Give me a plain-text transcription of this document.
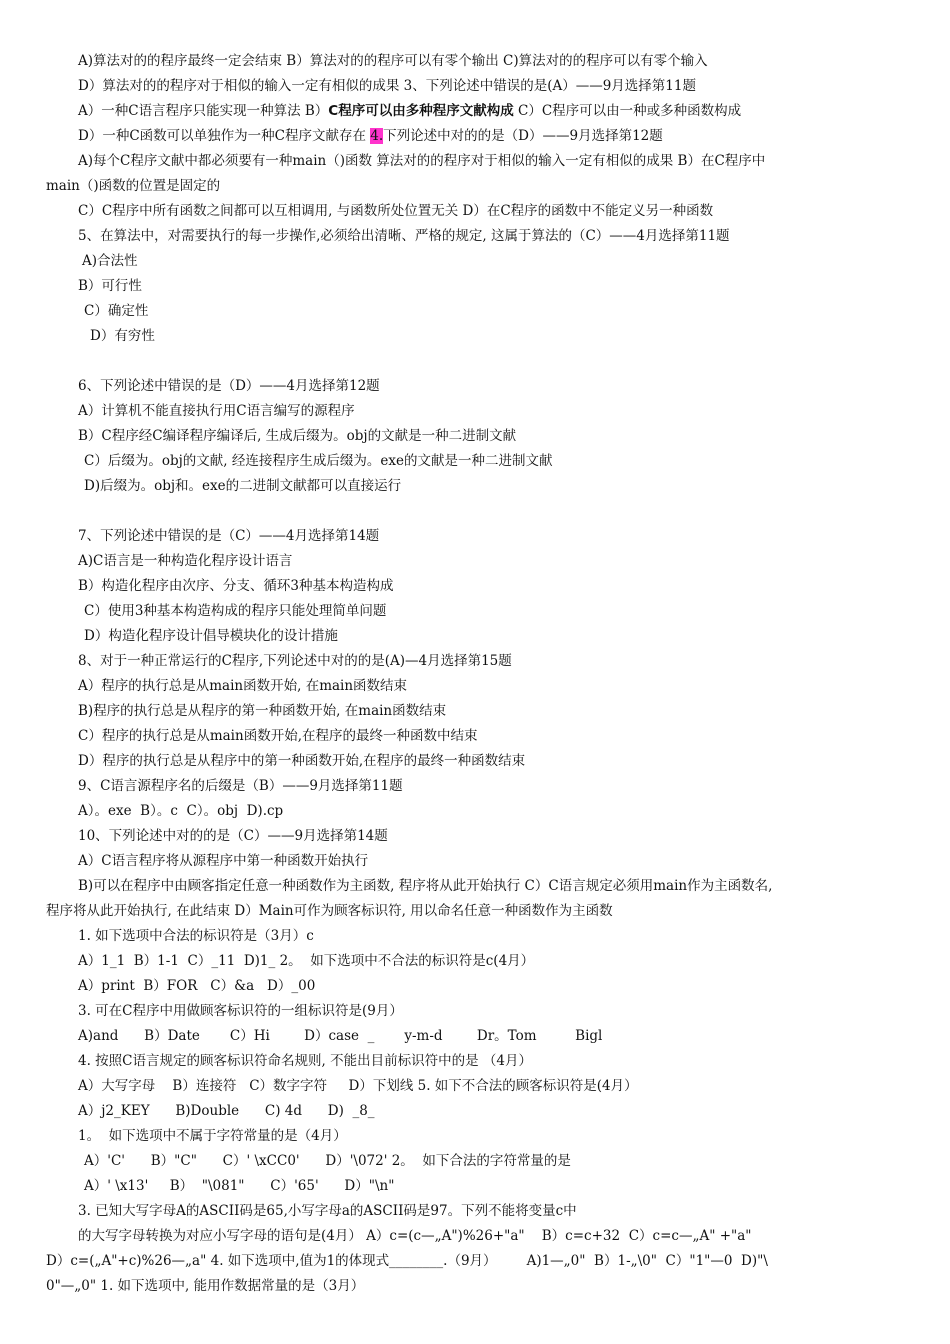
A)算法对的的程序最终一定会结束 B）算法对的的程序可以有零个输出 C)算法对的的程序可以有零个输入
D）算法对的的程序对于相似的输入一定有相似的成果 3、下列论述中错误的是(A）——9月选择第11题
A）一种C语言程序只能实现一种算法 B）C程序可以由多种程序文献构成 C）C程序可以由一种或多种函数构成
D）一种C函数可以单独作为一种C程序文献存在 4.下列论述中对的的是（D）——9月选择第12题
A)每个C程序文献中都必须要有一种main（)函数 算法对的的程序对于相似的输入一定有相似的成果 B）在C程序中
main（)函数的位置是固定的
C）C程序中所有函数之间都可以互相调用, 与函数所处位置无关 D）在C程序的函数中不能定义另一种函数
5、在算法中，对需要执行的每一步操作,必须给出清晰、严格的规定, 这属于算法的（C）——4月选择第11题
A)合法性
B）可行性
C）确定性
D）有穷性
6、下列论述中错误的是（D）——4月选择第12题
A）计算机不能直接执行用C语言编写的源程序
B）C程序经C编译程序编译后, 生成后缀为。obj的文献是一种二进制文献
C）后缀为。obj的文献, 经连接程序生成后缀为。exe的文献是一种二进制文献
D)后缀为。obj和。exe的二进制文献都可以直接运行
7、下列论述中错误的是（C）——4月选择第14题
A)C语言是一种构造化程序设计语言
B）构造化程序由次序、分支、循环3种基本构造构成
C）使用3种基本构造构成的程序只能处理简单问题
D）构造化程序设计倡导模块化的设计措施
8、对于一种正常运行的C程序,下列论述中对的的是(A)—4月选择第15题
A）程序的执行总是从main函数开始, 在main函数结束
B)程序的执行总是从程序的第一种函数开始, 在main函数结束
C）程序的执行总是从main函数开始,在程序的最终一种函数中结束
D）程序的执行总是从程序中的第一种函数开始,在程序的最终一种函数结束
9、C语言源程序名的后缀是（B）——9月选择第11题
A）。exe  B）。c  C）。obj  D).cp
10、下列论述中对的的是（C）——9月选择第14题
A）C语言程序将从源程序中第一种函数开始执行
B)可以在程序中由顾客指定任意一种函数作为主函数, 程序将从此开始执行 C）C语言规定必须用main作为主函数名,
程序将从此开始执行, 在此结束 D）Main可作为顾客标识符, 用以命名任意一种函数作为主函数
1. 如下选项中合法的标识符是（3月）c
A）1_1  B）1-1  C）_11  D)1_ 2。  如下选项中不合法的标识符是c(4月）
A）print  B）FOR   C）&a   D）_00
3. 可在C程序中用做顾客标识符的一组标识符是(9月）
A)and      B）Date       C）Hi        D）case  _       y-m-d        Dr。Tom         Bigl
4. 按照C语言规定的顾客标识符命名规则, 不能出目前标识符中的是 （4月）
A）大写字母    B）连接符   C）数字字符     D）下划线 5. 如下不合法的顾客标识符是(4月）
A）j2_KEY      B)Double      C) 4d      D)  _8_
1。  如下选项中不属于字符常量的是（4月）
A）'C'      B）"C"      C）' \xCC0'      D）'\072' 2。  如下合法的字符常量的是
A）' \x13'     B）  "\081"      C）'65'      D）"\n"
3. 已知大写字母A的ASCII码是65,小写字母a的ASCII码是97。下列不能将变量c中
的大写字母转换为对应小写字母的语句是(4月） A）c=(c—„A")%26+"a"    B）c=c+32  C）c=c—„A" +"a"
D）c=(„A"+c)%26—„a" 4. 如下选项中,值为1的体现式________.（9月）       A)1—„0"  B）1-„\0"  C）"1"—0  D)"\
0"—„0" 1. 如下选项中, 能用作数据常量的是（3月）
